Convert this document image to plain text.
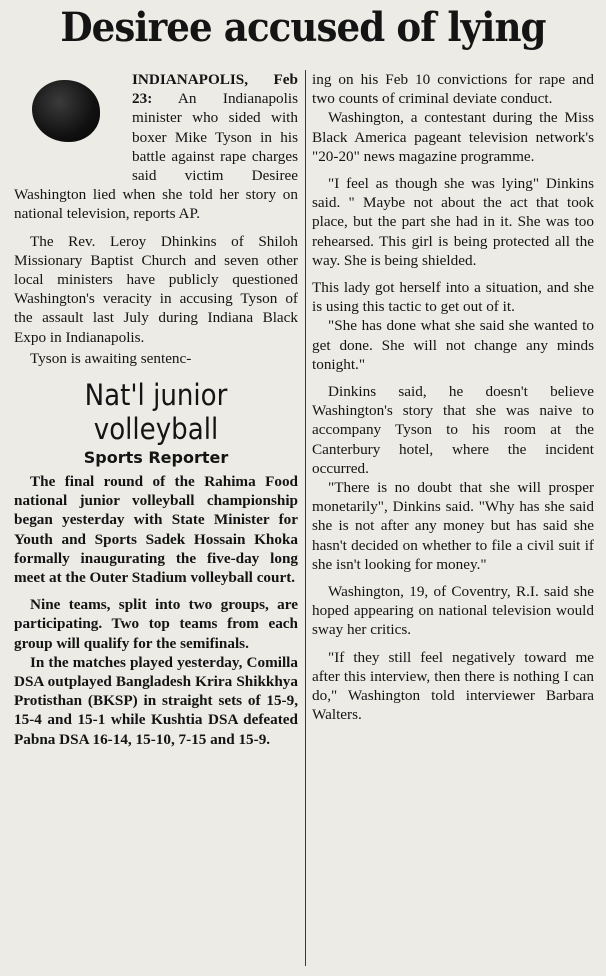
Desiree accused of lying

INDIANAPOLIS, Feb 23: An Indianapolis minister who sided with boxer Mike Tyson in his battle against rape charges said victim Desiree Washington lied when she told her story on national television, reports AP.

The Rev. Leroy Dhinkins of Shiloh Missionary Baptist Church and seven other local ministers have publicly questioned Washington's veracity in accusing Tyson of the assault last July during Indiana Black Expo in Indianapolis.

Tyson is awaiting sentenc-

Nat'l junior volleyball
Sports Reporter

The final round of the Rahima Food national junior volleyball championship began yesterday with State Minister for Youth and Sports Sadek Hossain Khoka formally inaugurating the five-day long meet at the Outer Stadium volleyball court.

Nine teams, split into two groups, are participating. Two top teams from each group will qualify for the semifinals.

In the matches played yesterday, Comilla DSA outplayed Bangladesh Krira Shikkhya Protisthan (BKSP) in straight sets of 15-9, 15-4 and 15-1 while Kushtia DSA defeated Pabna DSA 16-14, 15-10, 7-15 and 15-9.

ing on his Feb 10 convictions for rape and two counts of criminal deviate conduct.

Washington, a contestant during the Miss Black America pageant television network's "20-20" news magazine programme.

"I feel as though she was lying" Dinkins said. " Maybe not about the act that took place, but the part she had in it. She was too rehearsed. This girl is being protected all the way. She is being shielded.

This lady got herself into a situation, and she is using this tactic to get out of it.

"She has done what she said she wanted to get done. She will not change any minds tonight."

Dinkins said, he doesn't believe Washington's story that she was naive to accompany Tyson to his room at the Canterbury hotel, where the incident occurred.

"There is no doubt that she will prosper monetarily", Dinkins said. "Why has she said she is not after any money but has said she hasn't decided on whether to file a civil suit if she isn't looking for money."

Washington, 19, of Coventry, R.I. said she hoped appearing on national television would sway her critics.

"If they still feel negatively toward me after this interview, then there is nothing I can do," Washington told interviewer Barbara Walters.
